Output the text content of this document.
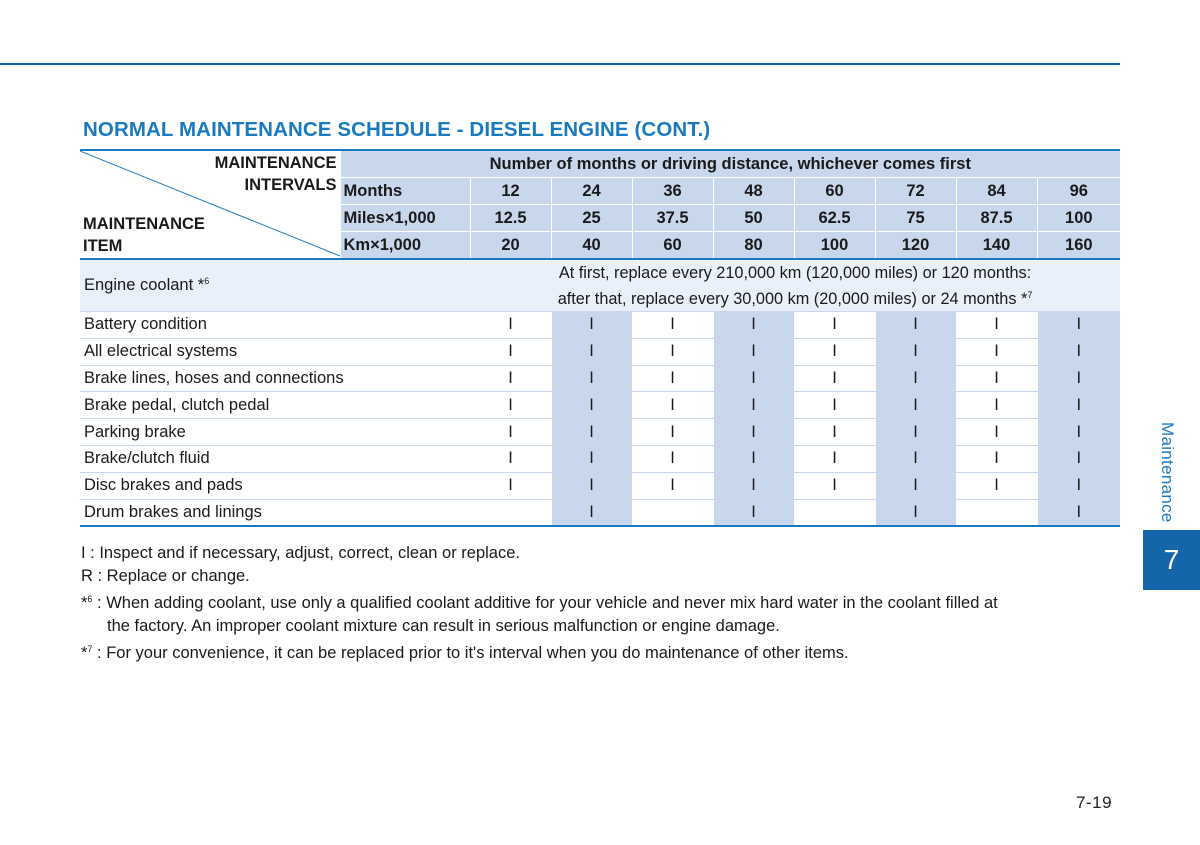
NORMAL MAINTENANCE SCHEDULE - DIESEL ENGINE (CONT.)
MAINTENANCE
INTERVALS
MAINTENANCE
ITEM	Number of months or driving distance, whichever comes first								
	Months	12	24	36	48	60	72	84	96
	Miles×1,000	12.5	25	37.5	50	62.5	75	87.5	100
	Km×1,000	20	40	60	80	100	120	140	160
Engine coolant *$^6$		At first, replace every 210,000 km (120,000 miles) or 120 months:
after that, replace every 30,000 km (20,000 miles) or 24 months *$^7$

Battery condition		I	I	I	I	I	I	I	I
All electrical systems		I	I	I	I	I	I	I	I
Brake lines, hoses and connections		I	I	I	I	I	I	I	I
Brake pedal, clutch pedal		I	I	I	I	I	I	I	I
Parking brake		I	I	I	I	I	I	I	I
Brake/clutch fluid		I	I	I	I	I	I	I	I
Disc brakes and pads		I	I	I	I	I	I	I	I
Drum brakes and linings			I		I		I		I

I : Inspect and if necessary, adjust, correct, clean or replace.

R : Replace or change.

*$^6$ : When adding coolant, use only a qualified coolant additive for your vehicle and never mix hard water in the coolant filled at

the factory. An improper coolant mixture can result in serious malfunction or engine damage.

*$^7$ : For your convenience, it can be replaced prior to it's interval when you do maintenance of other items.

Maintenance
7
7-19
